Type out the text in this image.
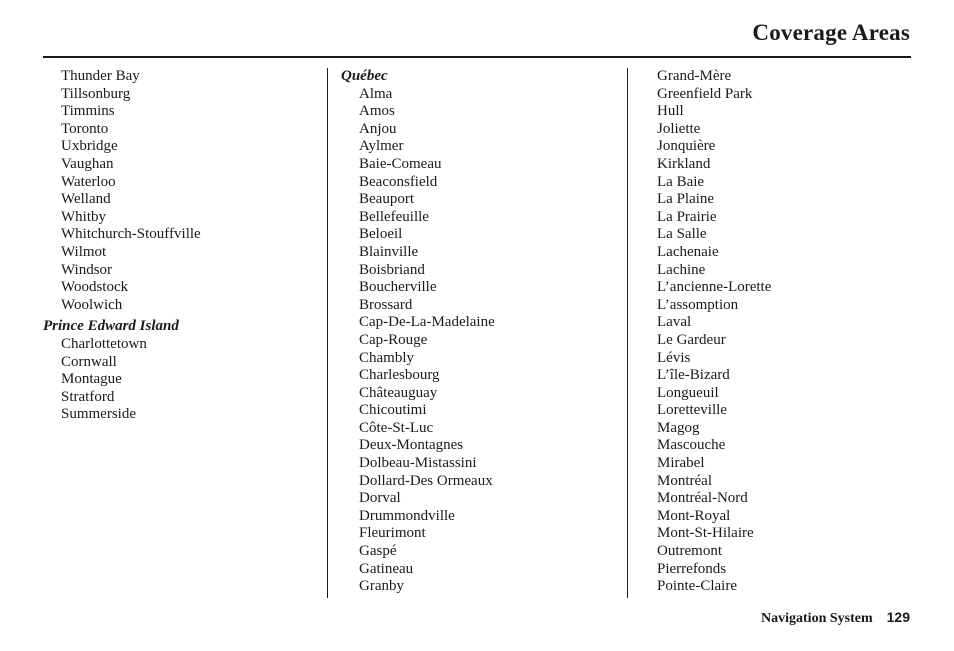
Coverage Areas
Thunder Bay
Tillsonburg
Timmins
Toronto
Uxbridge
Vaughan
Waterloo
Welland
Whitby
Whitchurch-Stouffville
Wilmot
Windsor
Woodstock
Woolwich
Prince Edward Island
Charlottetown
Cornwall
Montague
Stratford
Summerside
Québec
Alma
Amos
Anjou
Aylmer
Baie-Comeau
Beaconsfield
Beauport
Bellefeuille
Beloeil
Blainville
Boisbriand
Boucherville
Brossard
Cap-De-La-Madelaine
Cap-Rouge
Chambly
Charlesbourg
Châteauguay
Chicoutimi
Côte-St-Luc
Deux-Montagnes
Dolbeau-Mistassini
Dollard-Des Ormeaux
Dorval
Drummondville
Fleurimont
Gaspé
Gatineau
Granby
Grand-Mère
Greenfield Park
Hull
Joliette
Jonquière
Kirkland
La Baie
La Plaine
La Prairie
La Salle
Lachenaie
Lachine
L’ancienne-Lorette
L’assomption
Laval
Le Gardeur
Lévis
L’île-Bizard
Longueuil
Loretteville
Magog
Mascouche
Mirabel
Montréal
Montréal-Nord
Mont-Royal
Mont-St-Hilaire
Outremont
Pierrefonds
Pointe-Claire
Navigation System 129
